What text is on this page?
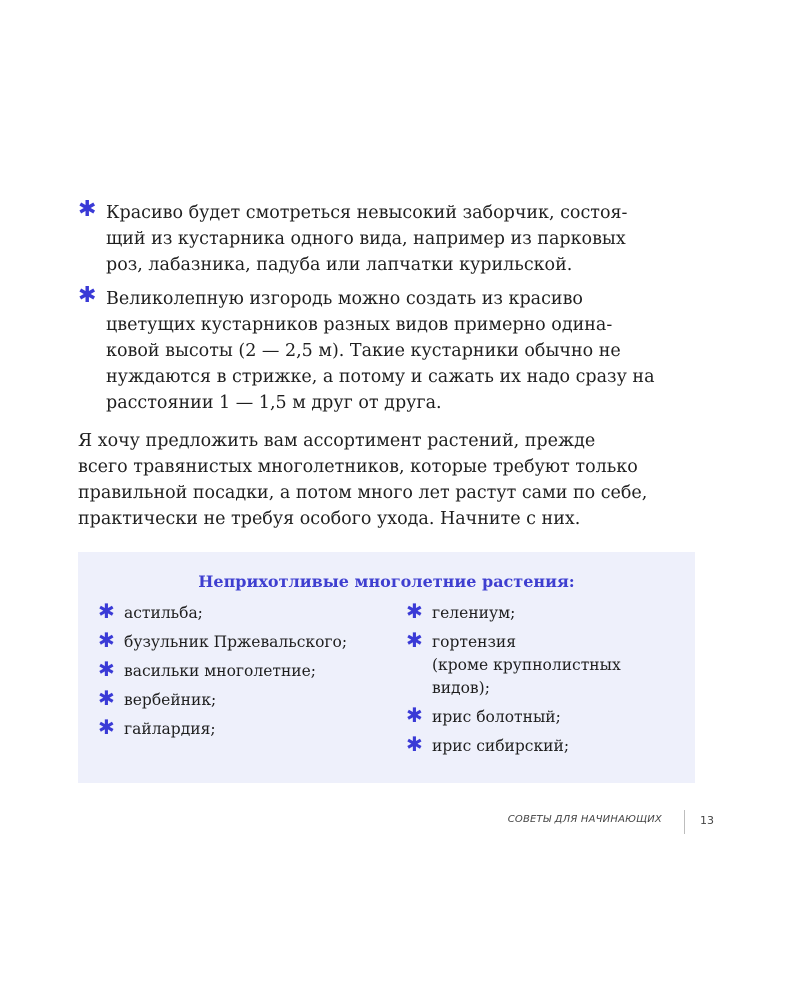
✱ Красиво будет смотреться невысокий заборчик, состоя-
щий из кустарника одного вида, например из парковых
роз, лабазника, падуба или лапчатки курильской.
✱ Великолепную изгородь можно создать из красиво
цветущих кустарников разных видов примерно одина-
ковой высоты (2 — 2,5 м). Такие кустарники обычно не
нуждаются в стрижке, а потому и сажать их надо сразу на
расстоянии 1 — 1,5 м друг от друга.
Я хочу предложить вам ассортимент растений, прежде
всего травянистых многолетников, которые требуют только
правильной посадки, а потом много лет растут сами по себе,
практически не требуя особого ухода. Начните с них.
Неприхотливые многолетние растения:
✱ астильба;
✱ бузульник Пржевальского;
✱ васильки многолетние;
✱ вербейник;
✱ гайлардия;
✱ гелениум;
✱ гортензия
(кроме крупнолистных
видов);
✱ ирис болотный;
✱ ирис сибирский;
СОВЕТЫ ДЛЯ НАЧИНАЮЩИХ	13
